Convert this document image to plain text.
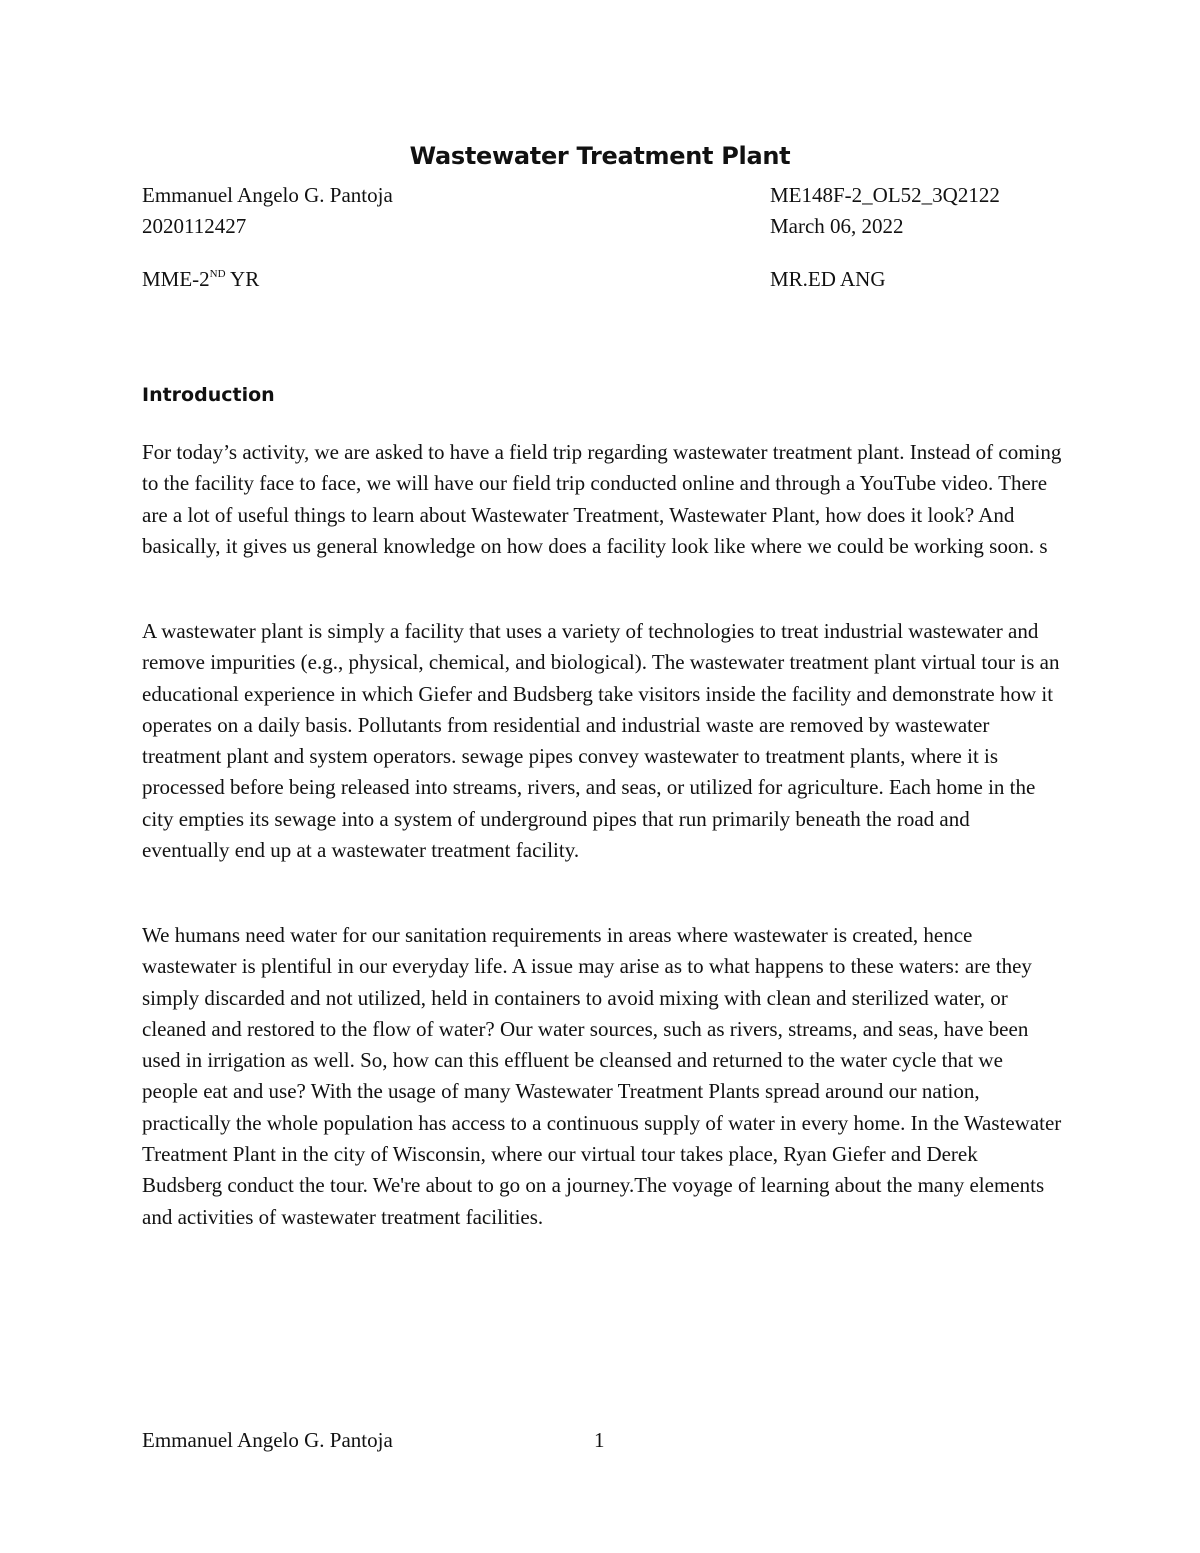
Wastewater Treatment Plant
Emmanuel Angelo G. Pantoja	ME148F-2_OL52_3Q2122
2020112427	March 06, 2022
MME-2ND YR	MR.ED ANG
Introduction

For today’s activity, we are asked to have a field trip regarding wastewater treatment plant. Instead of coming to the facility face to face, we will have our field trip conducted online and through a YouTube video. There are a lot of useful things to learn about Wastewater Treatment, Wastewater Plant, how does it look? And basically, it gives us general knowledge on how does a facility look like where we could be working soon. s

A wastewater plant is simply a facility that uses a variety of technologies to treat industrial wastewater and remove impurities (e.g., physical, chemical, and biological). The wastewater treatment plant virtual tour is an educational experience in which Giefer and Budsberg take visitors inside the facility and demonstrate how it operates on a daily basis. Pollutants from residential and industrial waste are removed by wastewater treatment plant and system operators. sewage pipes convey wastewater to treatment plants, where it is processed before being released into streams, rivers, and seas, or utilized for agriculture. Each home in the city empties its sewage into a system of underground pipes that run primarily beneath the road and eventually end up at a wastewater treatment facility.

We humans need water for our sanitation requirements in areas where wastewater is created, hence wastewater is plentiful in our everyday life. A issue may arise as to what happens to these waters: are they simply discarded and not utilized, held in containers to avoid mixing with clean and sterilized water, or cleaned and restored to the flow of water? Our water sources, such as rivers, streams, and seas, have been used in irrigation as well. So, how can this effluent be cleansed and returned to the water cycle that we people eat and use? With the usage of many Wastewater Treatment Plants spread around our nation, practically the whole population has access to a continuous supply of water in every home. In the Wastewater Treatment Plant in the city of Wisconsin, where our virtual tour takes place, Ryan Giefer and Derek Budsberg conduct the tour. We're about to go on a journey.The voyage of learning about the many elements and activities of wastewater treatment facilities.

Emmanuel Angelo G. Pantoja	1
